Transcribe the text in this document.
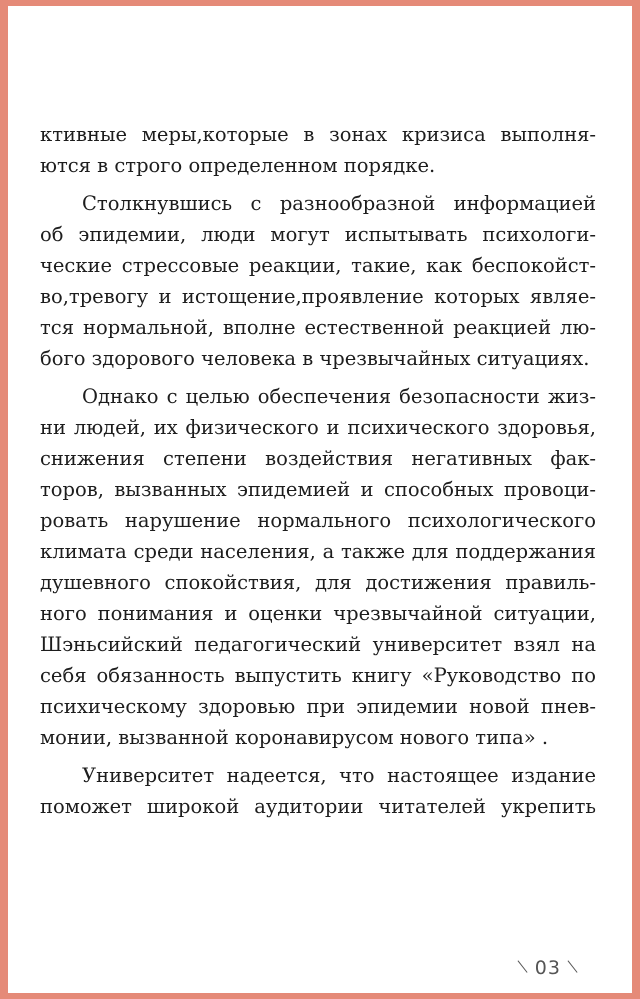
ктивные меры,которые в зонах кризиса выполня-
ются в строго определенном порядке.
Столкнувшись с разнообразной информацией
об эпидемии, люди могут испытывать психологи-
ческие стрессовые реакции, такие, как беспокойст-
во,тревогу и истощение,проявление которых являе-
тся нормальной, вполне естественной реакцией лю-
бого здорового человека в чрезвычайных ситуациях.
Однако с целью обеспечения безопасности жиз-
ни людей, их физического и психического здоровья,
снижения степени воздействия негативных фак-
торов, вызванных эпидемией и способных провоци-
ровать нарушение нормального психологического
климата среди населения, а также для поддержания
душевного спокойствия, для достижения правиль-
ного понимания и оценки чрезвычайной ситуации,
Шэньсийский педагогический университет взял на
себя обязанность выпустить книгу «Руководство по
психическому здоровью при эпидемии новой пнев-
монии, вызванной коронавирусом нового типа» .
Университет надеется, что настоящее издание
поможет широкой аудитории читателей укрепить
03
